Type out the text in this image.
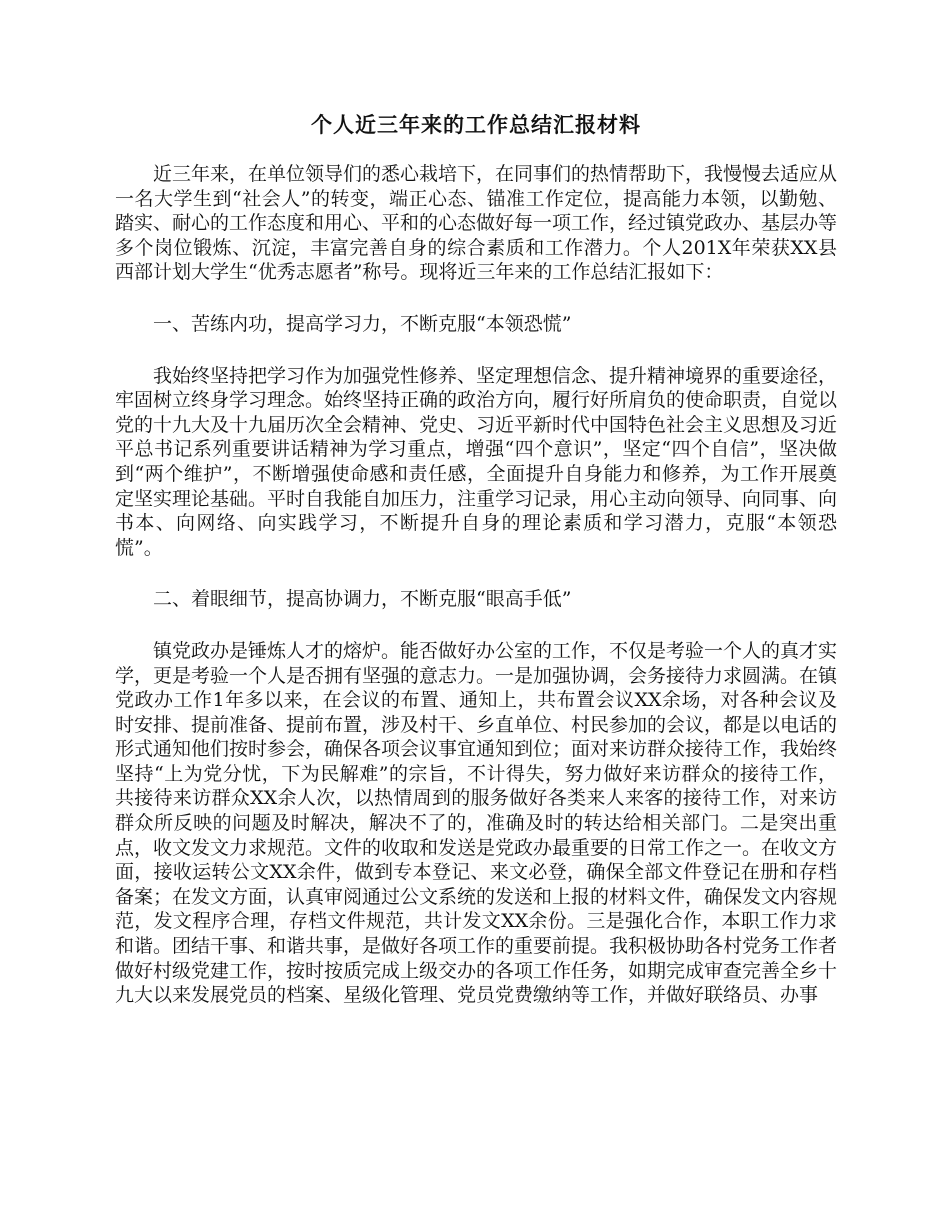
个人近三年来的工作总结汇报材料

近三年来，在单位领导们的悉心栽培下，在同事们的热情帮助下，我慢慢去适应从一名大学生到“社会人”的转变，端正心态、锚准工作定位，提高能力本领，以勤勉、踏实、耐心的工作态度和用心、平和的心态做好每一项工作，经过镇党政办、基层办等多个岗位锻炼、沉淀，丰富完善自身的综合素质和工作潜力。个人201X年荣获XX县西部计划大学生“优秀志愿者”称号。现将近三年来的工作总结汇报如下：

一、苦练内功，提高学习力，不断克服“本领恐慌”

我始终坚持把学习作为加强党性修养、坚定理想信念、提升精神境界的重要途径，牢固树立终身学习理念。始终坚持正确的政治方向，履行好所肩负的使命职责，自觉以党的十九大及十九届历次全会精神、党史、习近平新时代中国特色社会主义思想及习近平总书记系列重要讲话精神为学习重点，增强“四个意识”，坚定“四个自信”，坚决做到“两个维护”，不断增强使命感和责任感，全面提升自身能力和修养，为工作开展奠定坚实理论基础。平时自我能自加压力，注重学习记录，用心主动向领导、向同事、向书本、向网络、向实践学习，不断提升自身的理论素质和学习潜力，克服“本领恐慌”。

二、着眼细节，提高协调力，不断克服“眼高手低”

镇党政办是锤炼人才的熔炉。能否做好办公室的工作，不仅是考验一个人的真才实学，更是考验一个人是否拥有坚强的意志力。一是加强协调，会务接待力求圆满。在镇党政办工作1年多以来，在会议的布置、通知上，共布置会议XX余场，对各种会议及时安排、提前准备、提前布置，涉及村干、乡直单位、村民参加的会议，都是以电话的形式通知他们按时参会，确保各项会议事宜通知到位；面对来访群众接待工作，我始终坚持“上为党分忧，下为民解难”的宗旨，不计得失，努力做好来访群众的接待工作，共接待来访群众XX余人次，以热情周到的服务做好各类来人来客的接待工作，对来访群众所反映的问题及时解决，解决不了的，准确及时的转达给相关部门。二是突出重点，收文发文力求规范。文件的收取和发送是党政办最重要的日常工作之一。在收文方面，接收运转公文XX余件，做到专本登记、来文必登，确保全部文件登记在册和存档备案；在发文方面，认真审阅通过公文系统的发送和上报的材料文件，确保发文内容规范，发文程序合理，存档文件规范，共计发文XX余份。三是强化合作，本职工作力求和谐。团结干事、和谐共事，是做好各项工作的重要前提。我积极协助各村党务工作者做好村级党建工作，按时按质完成上级交办的各项工作任务，如期完成审查完善全乡十九大以来发展党员的档案、星级化管理、党员党费缴纳等工作，并做好联络员、办事
